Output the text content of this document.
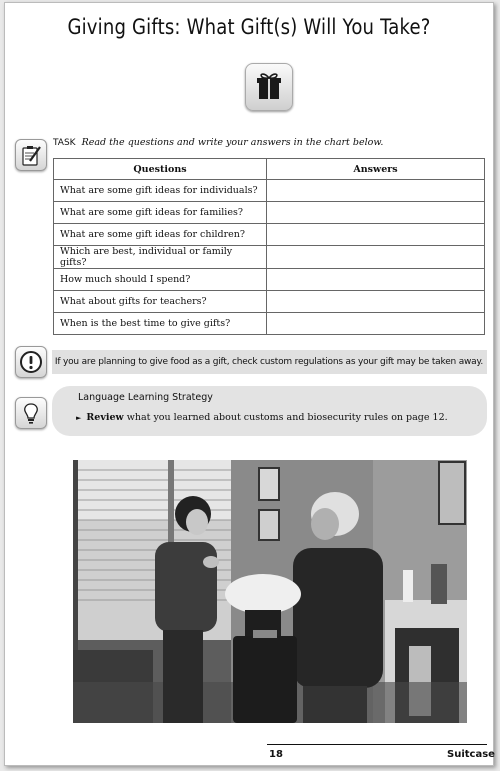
Giving Gifts: What Gift(s) Will You Take?
TASK Read the questions and write your answers in the chart below.
Questions	Answers
What are some gift ideas for individuals?	
What are some gift ideas for families?	
What are some gift ideas for children?	
Which are best, individual or family gifts?	
How much should I spend?	
What about gifts for teachers?	
When is the best time to give gifts?	
If you are planning to give food as a gift, check custom regulations as your gift may be taken away.
Language Learning Strategy
► Review what you learned about customs and biosecurity rules on page 12.
18	Suitcase
